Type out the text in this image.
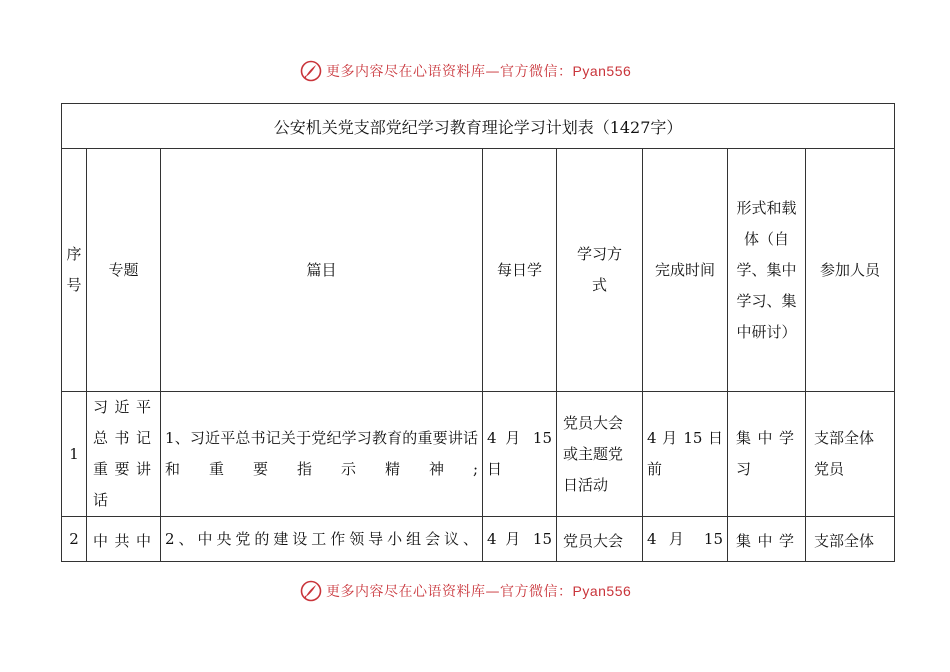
更多内容尽在心语资料库—官方微信：Pyan556
公安机关党支部党纪学习教育理论学习计划表（1427字）							
序号	专题	篇目	每日学	学习方式	完成时间	形式和载体（自学、集中学习、集中研讨）	参加人员
1	习近平总书记重要讲话	1、习近平总书记关于党纪学习教育的重要讲话和重要指示精神;	4 月 15 日	党员大会或主题党日活动	4 月 15 日前	集中学习	支部全体党员
2	中共中	2、中央党的建设工作领导小组会议、	4 月 15	党员大会	4 月 15	集中学	支部全体
更多内容尽在心语资料库—官方微信：Pyan556
